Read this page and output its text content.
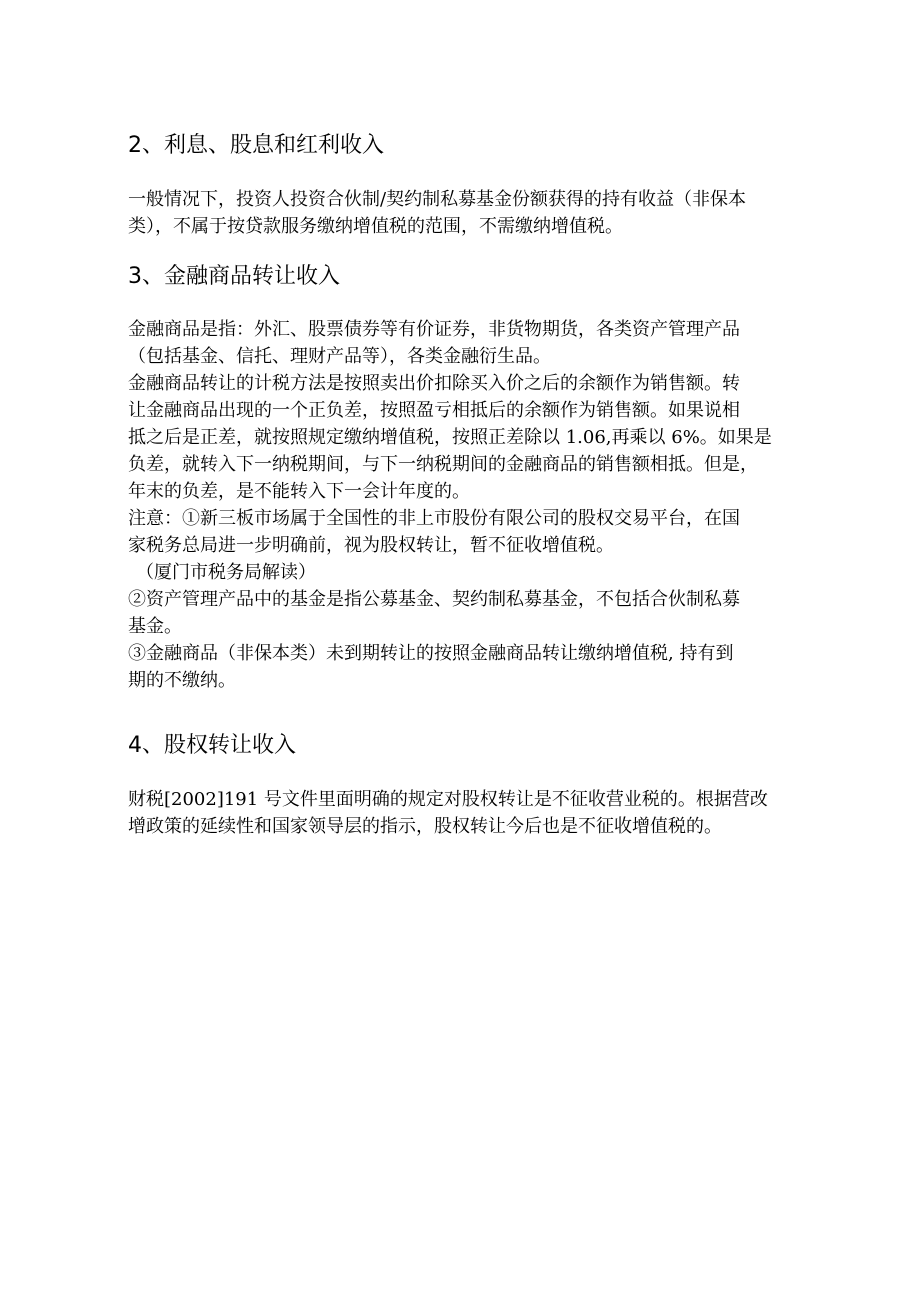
2、利息、股息和红利收入
一般情况下，投资人投资合伙制/契约制私募基金份额获得的持有收益（非保本
类），不属于按贷款服务缴纳增值税的范围，不需缴纳增值税。
3、金融商品转让收入
金融商品是指：外汇、股票债券等有价证券，非货物期货，各类资产管理产品
（包括基金、信托、理财产品等），各类金融衍生品。
金融商品转让的计税方法是按照卖出价扣除买入价之后的余额作为销售额。转
让金融商品出现的一个正负差，按照盈亏相抵后的余额作为销售额。如果说相
抵之后是正差，就按照规定缴纳增值税，按照正差除以 1.06,再乘以 6%。如果是
负差，就转入下一纳税期间，与下一纳税期间的金融商品的销售额相抵。但是，
年末的负差，是不能转入下一会计年度的。
注意：①新三板市场属于全国性的非上市股份有限公司的股权交易平台，在国
家税务总局进一步明确前，视为股权转让，暂不征收增值税。
（厦门市税务局解读）
②资产管理产品中的基金是指公募基金、契约制私募基金，不包括合伙制私募
基金。
③金融商品（非保本类）未到期转让的按照金融商品转让缴纳增值税, 持有到
期的不缴纳。
4、股权转让收入
财税[2002]191 号文件里面明确的规定对股权转让是不征收营业税的。根据营改
增政策的延续性和国家领导层的指示，股权转让今后也是不征收增值税的。
